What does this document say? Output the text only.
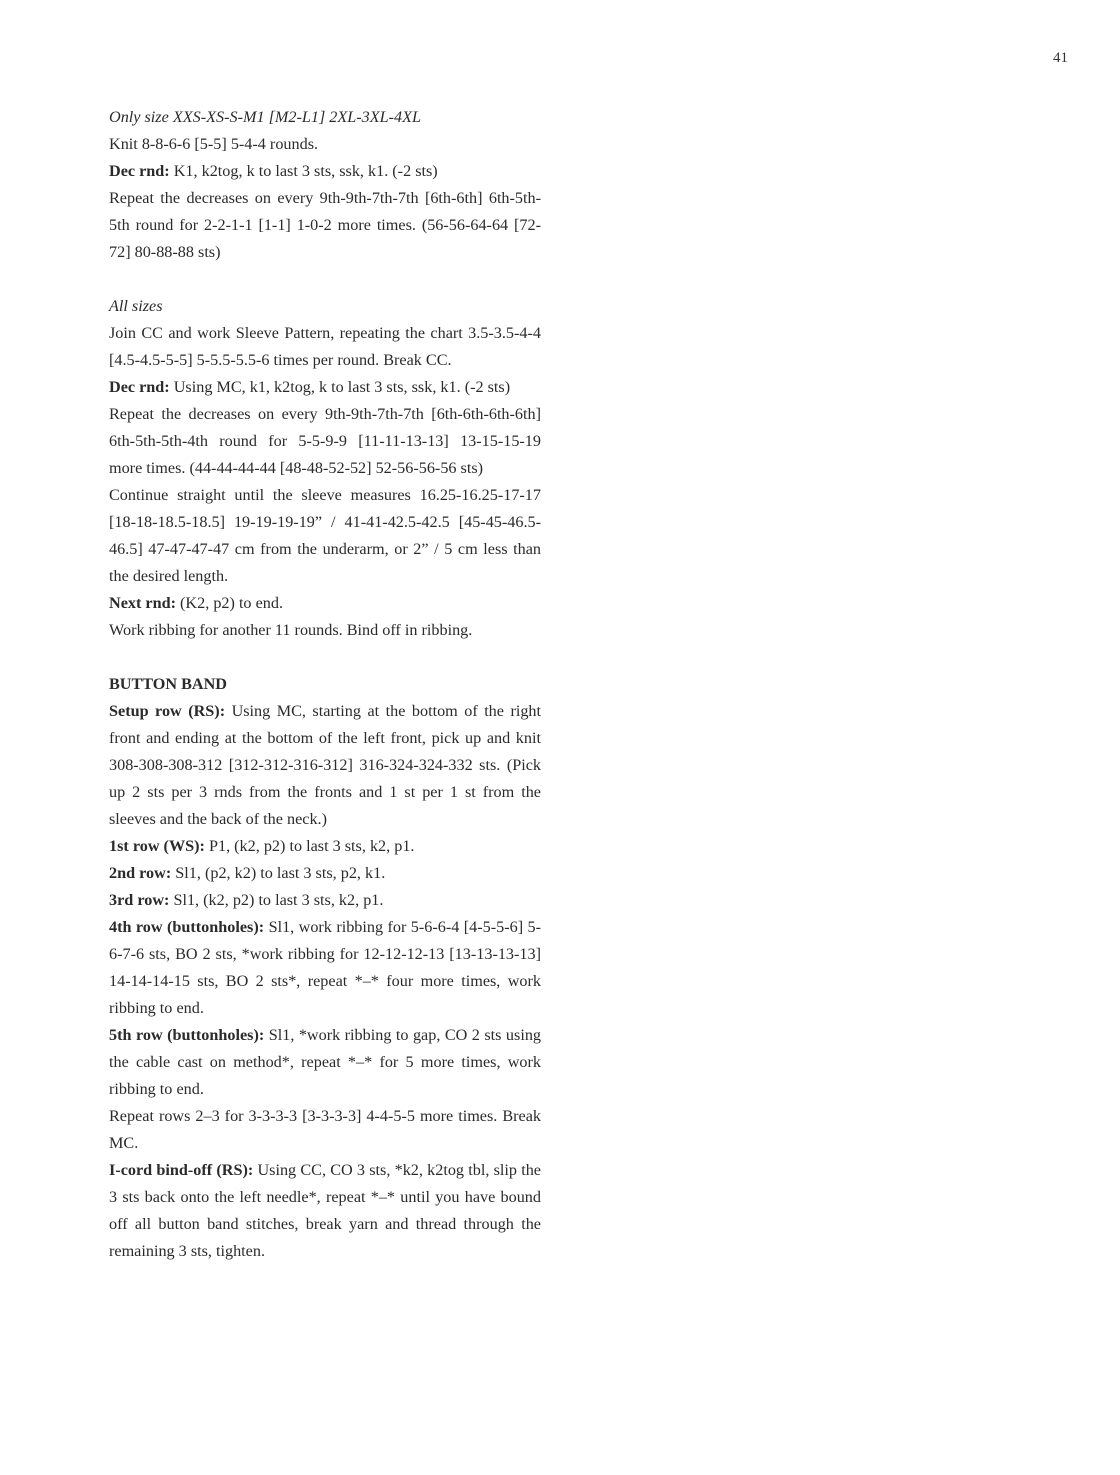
41

Only size XXS-XS-S-M1 [M2-L1] 2XL-3XL-4XL

Knit 8-8-6-6 [5-5] 5-4-4 rounds.

Dec rnd: K1, k2tog, k to last 3 sts, ssk, k1. (-2 sts)

Repeat the decreases on every 9th-9th-7th-7th [6th-6th] 6th-5th-5th round for 2-2-1-1 [1-1] 1-0-2 more times. (56-56-64-64 [72-72] 80-88-88 sts)

All sizes

Join CC and work Sleeve Pattern, repeating the chart 3.5-3.5-4-4 [4.5-4.5-5-5] 5-5.5-5.5-6 times per round. Break CC.

Dec rnd: Using MC, k1, k2tog, k to last 3 sts, ssk, k1. (-2 sts)

Repeat the decreases on every 9th-9th-7th-7th [6th-6th-6th-6th] 6th-5th-5th-4th round for 5-5-9-9 [11-11-13-13] 13-15-15-19 more times. (44-44-44-44 [48-48-52-52] 52-56-56-56 sts)

Continue straight until the sleeve measures 16.25-16.25-17-17 [18-18-18.5-18.5] 19-19-19-19” / 41-41-42.5-42.5 [45-45-46.5-46.5] 47-47-47-47 cm from the underarm, or 2” / 5 cm less than the desired length.

Next rnd: (K2, p2) to end.

Work ribbing for another 11 rounds. Bind off in ribbing.

BUTTON BAND

Setup row (RS): Using MC, starting at the bottom of the right front and ending at the bottom of the left front, pick up and knit 308-308-308-312 [312-312-316-312] 316-324-324-332 sts. (Pick up 2 sts per 3 rnds from the fronts and 1 st per 1 st from the sleeves and the back of the neck.)

1st row (WS): P1, (k2, p2) to last 3 sts, k2, p1.

2nd row: Sl1, (p2, k2) to last 3 sts, p2, k1.

3rd row: Sl1, (k2, p2) to last 3 sts, k2, p1.

4th row (buttonholes): Sl1, work ribbing for 5-6-6-4 [4-5-5-6] 5-6-7-6 sts, BO 2 sts, *work ribbing for 12-12-12-13 [13-13-13-13] 14-14-14-15 sts, BO 2 sts*, repeat *–* four more times, work ribbing to end.

5th row (buttonholes): Sl1, *work ribbing to gap, CO 2 sts using the cable cast on method*, repeat *–* for 5 more times, work ribbing to end.

Repeat rows 2–3 for 3-3-3-3 [3-3-3-3] 4-4-5-5 more times. Break MC.

I-cord bind-off (RS): Using CC, CO 3 sts, *k2, k2tog tbl, slip the 3 sts back onto the left needle*, repeat *–* until you have bound off all button band stitches, break yarn and thread through the remaining 3 sts, tighten.
